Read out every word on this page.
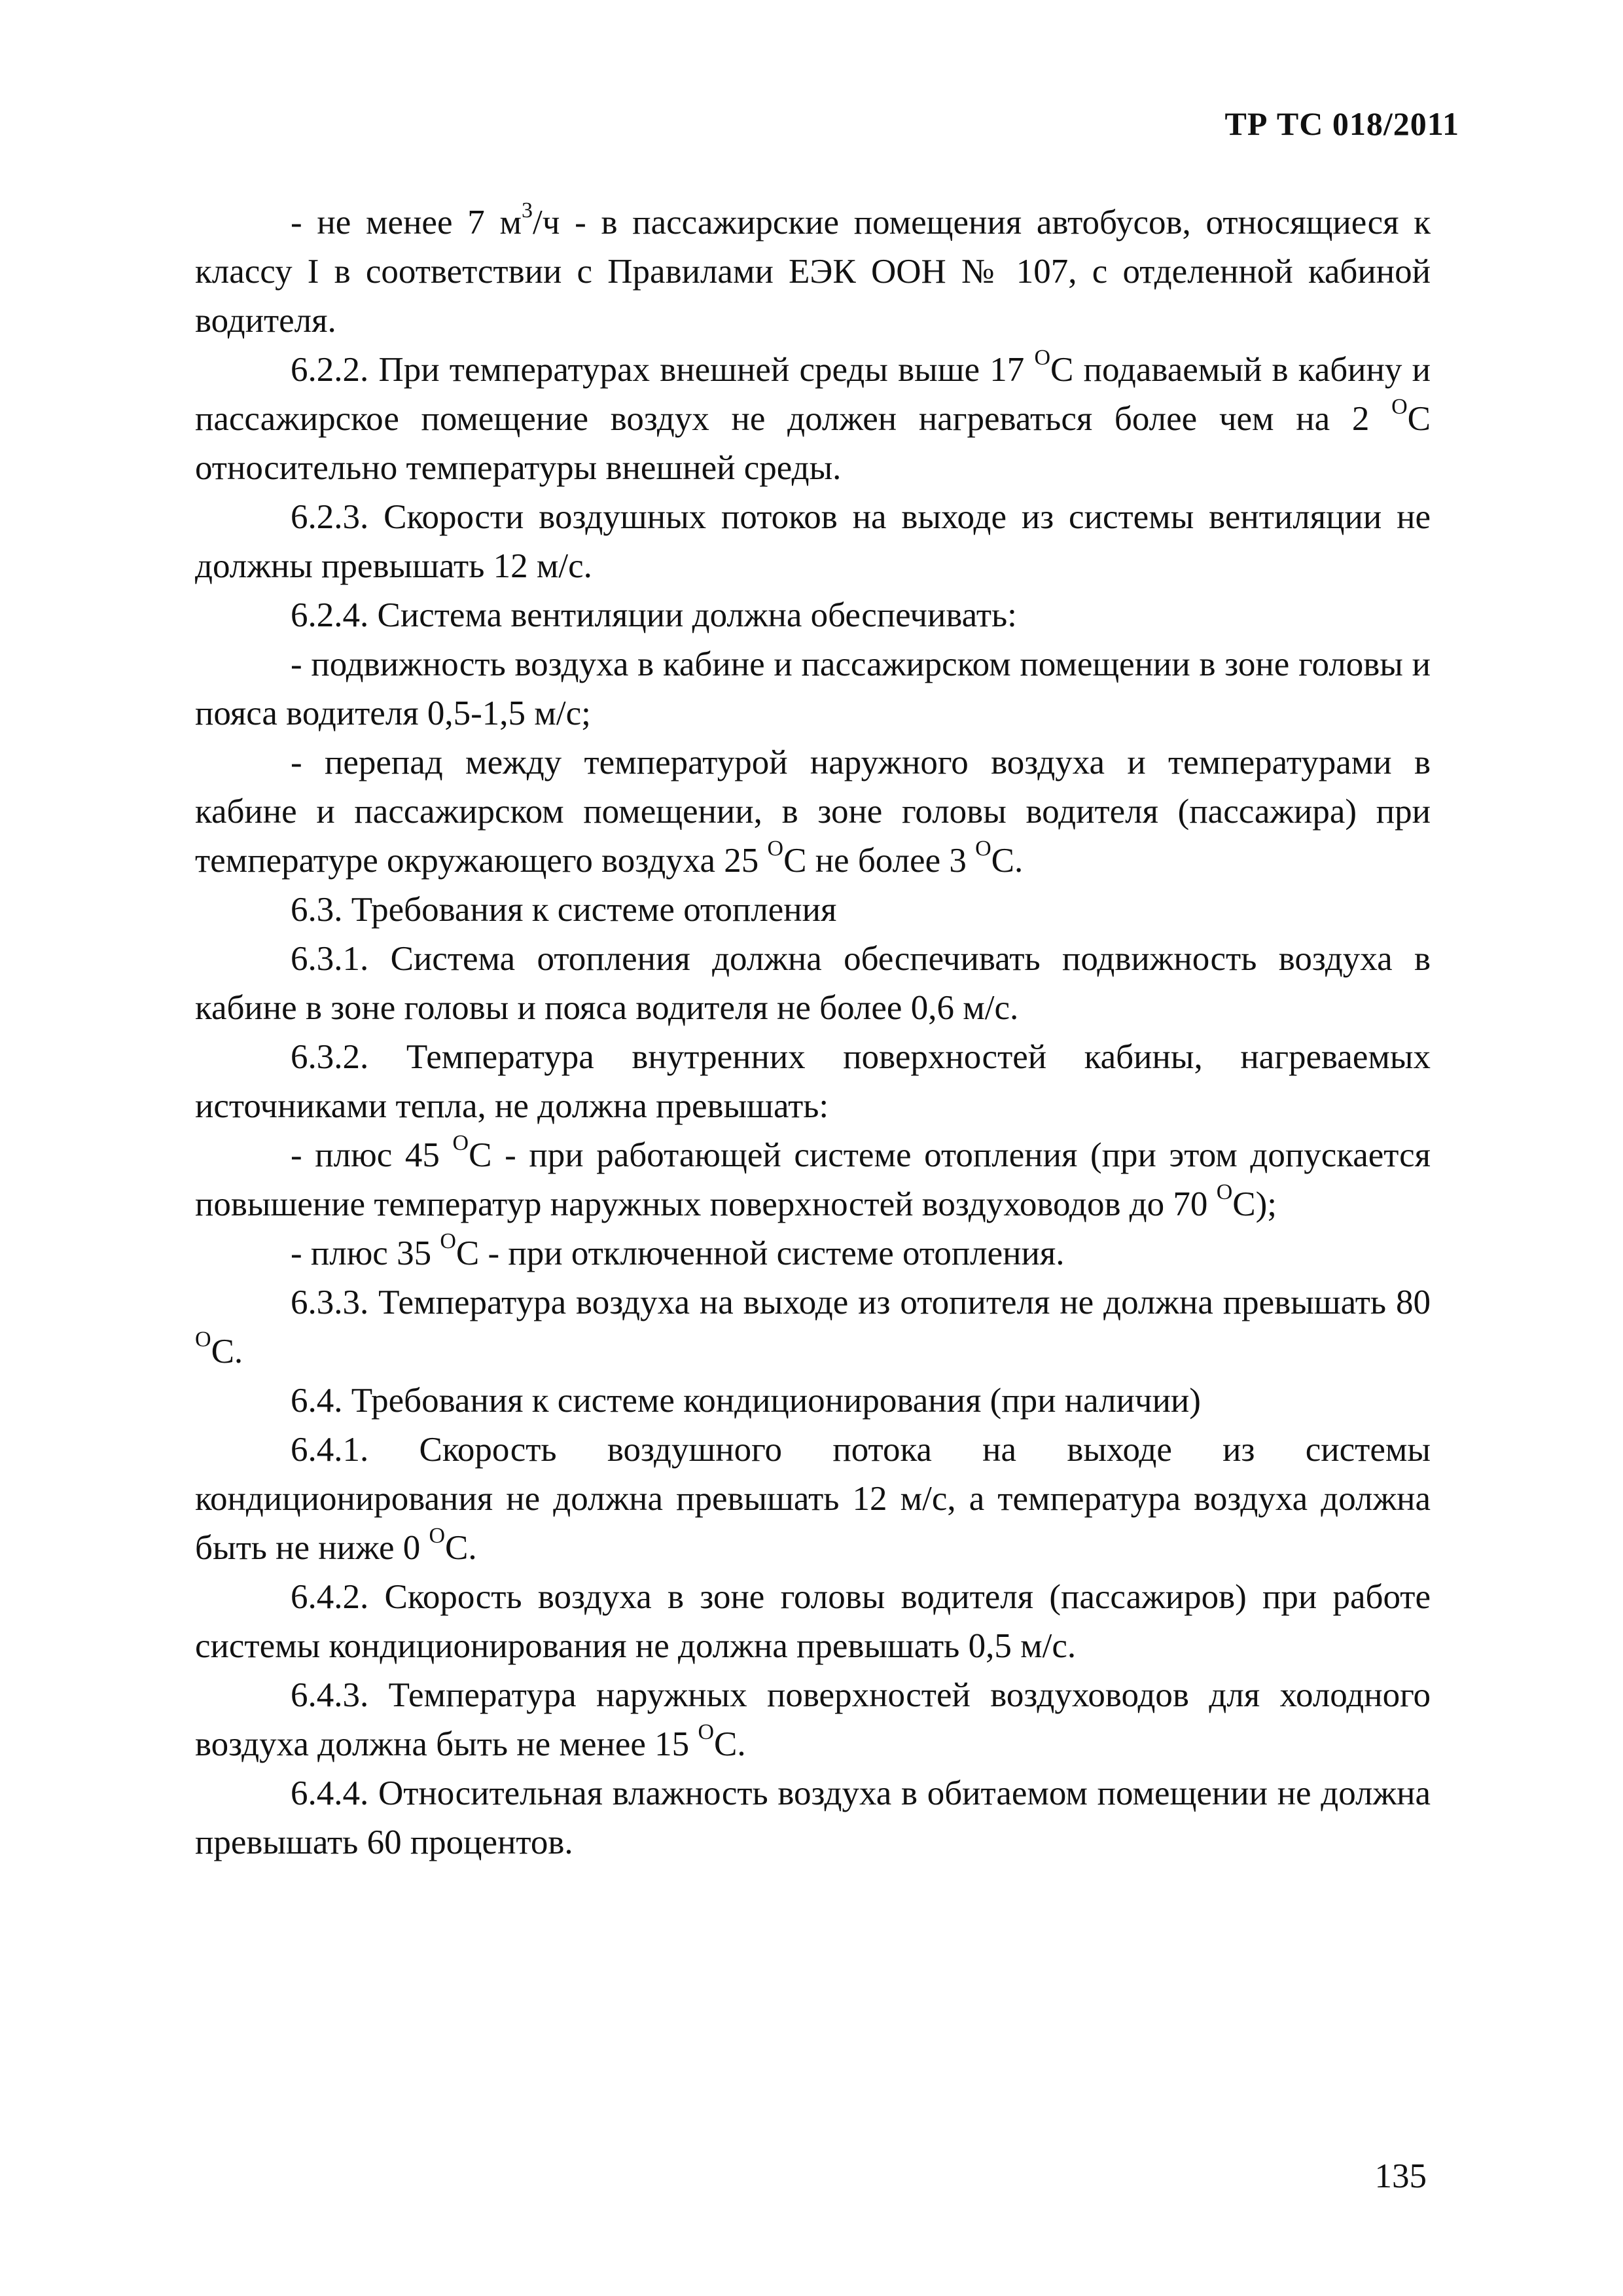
ТР ТС 018/2011

- не менее 7 $м^3/ч$ - в пассажирские помещения автобусов, относящиеся к классу I в соответствии с Правилами ЕЭК ООН № 107, с отделенной кабиной водителя.

6.2.2. При температурах внешней среды выше 17 $^О$С подаваемый в кабину и пассажирское помещение воздух не должен нагреваться более чем на 2 $^О$С относительно температуры внешней среды.

6.2.3. Скорости воздушных потоков на выходе из системы вентиляции не должны превышать 12 м/с.

6.2.4. Система вентиляции должна обеспечивать:

- подвижность воздуха в кабине и пассажирском помещении в зоне головы и пояса водителя 0,5-1,5 м/с;

- перепад между температурой наружного воздуха и температурами в кабине и пассажирском помещении, в зоне головы водителя (пассажира) при температуре окружающего воздуха 25 $^О$С не более 3 $^О$С.

6.3. Требования к системе отопления

6.3.1. Система отопления должна обеспечивать подвижность воздуха в кабине в зоне головы и пояса водителя не более 0,6 м/с.

6.3.2. Температура внутренних поверхностей кабины, нагреваемых источниками тепла, не должна превышать:

- плюс 45 $^О$С - при работающей системе отопления (при этом допускается повышение температур наружных поверхностей воздуховодов до 70 $^О$С);

- плюс 35 $^О$С - при отключенной системе отопления.

6.3.3. Температура воздуха на выходе из отопителя не должна превышать 80 $^О$С.

6.4. Требования к системе кондиционирования (при наличии)

6.4.1. Скорость воздушного потока на выходе из системы кондиционирования не должна превышать 12 м/с, а температура воздуха должна быть не ниже 0 $^О$С.

6.4.2. Скорость воздуха в зоне головы водителя (пассажиров) при работе системы кондиционирования не должна превышать 0,5 м/с.

6.4.3. Температура наружных поверхностей воздуховодов для холодного воздуха должна быть не менее 15 $^О$С.

6.4.4. Относительная влажность воздуха в обитаемом помещении не должна превышать 60 процентов.

135
